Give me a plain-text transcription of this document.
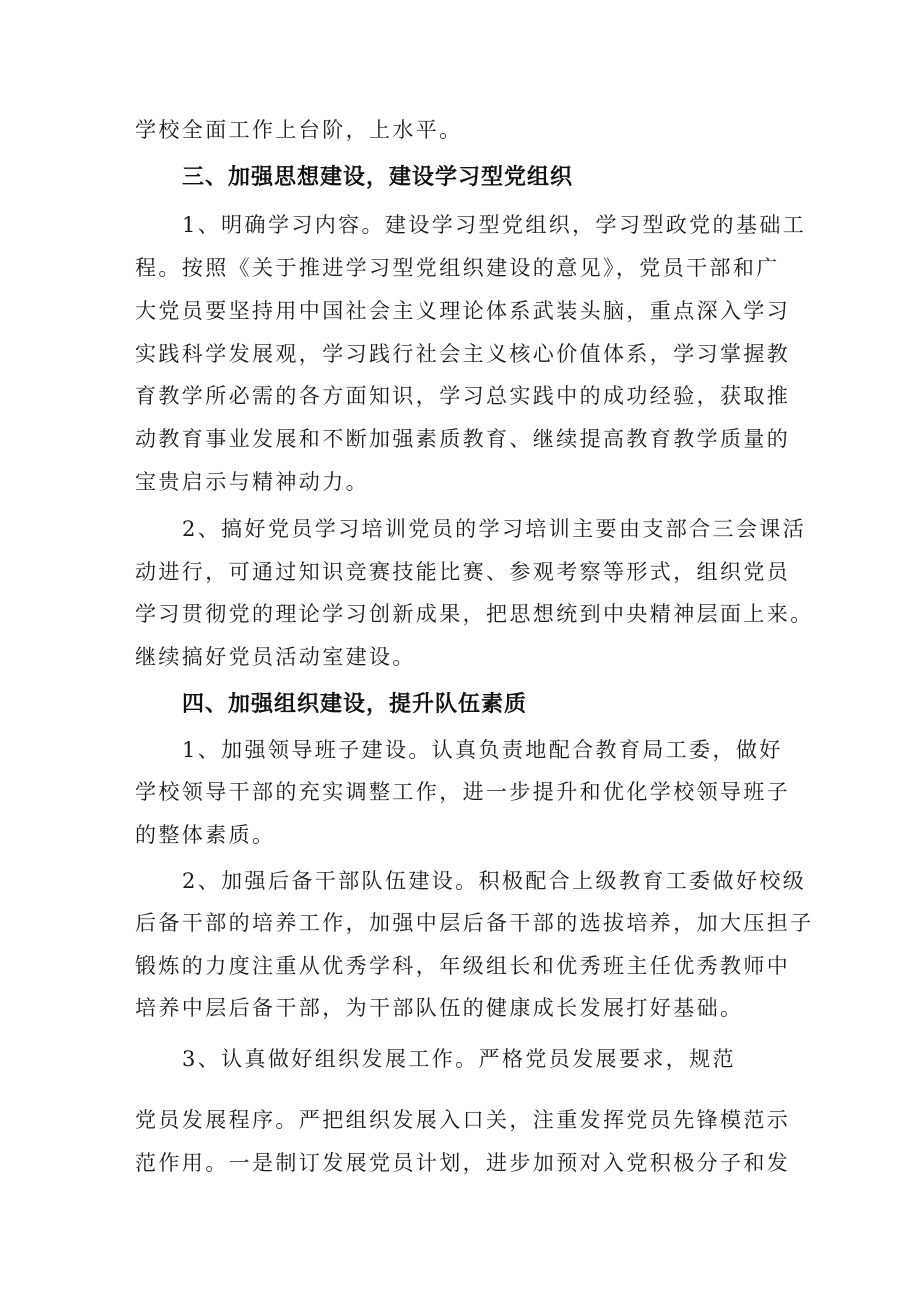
学校全面工作上台阶，上水平。
三、加强思想建设，建设学习型党组织
1、明确学习内容。建设学习型党组织，学习型政党的基础工
程。按照《关于推进学习型党组织建设的意见》，党员干部和广
大党员要坚持用中国社会主义理论体系武装头脑，重点深入学习
实践科学发展观，学习践行社会主义核心价值体系，学习掌握教
育教学所必需的各方面知识，学习总实践中的成功经验，获取推
动教育事业发展和不断加强素质教育、继续提高教育教学质量的
宝贵启示与精神动力。
2、搞好党员学习培训党员的学习培训主要由支部合三会课活
动进行，可通过知识竞赛技能比赛、参观考察等形式，组织党员
学习贯彻党的理论学习创新成果，把思想统到中央精神层面上来。
继续搞好党员活动室建设。
四、加强组织建设，提升队伍素质
1、加强领导班子建设。认真负责地配合教育局工委，做好
学校领导干部的充实调整工作，进一步提升和优化学校领导班子
的整体素质。
2、加强后备干部队伍建设。积极配合上级教育工委做好校级
后备干部的培养工作，加强中层后备干部的选拔培养，加大压担子
锻炼的力度注重从优秀学科，年级组长和优秀班主任优秀教师中
培养中层后备干部，为干部队伍的健康成长发展打好基础。
3、认真做好组织发展工作。严格党员发展要求，规范
党员发展程序。严把组织发展入口关，注重发挥党员先锋模范示
范作用。一是制订发展党员计划，进步加预对入党积极分子和发
